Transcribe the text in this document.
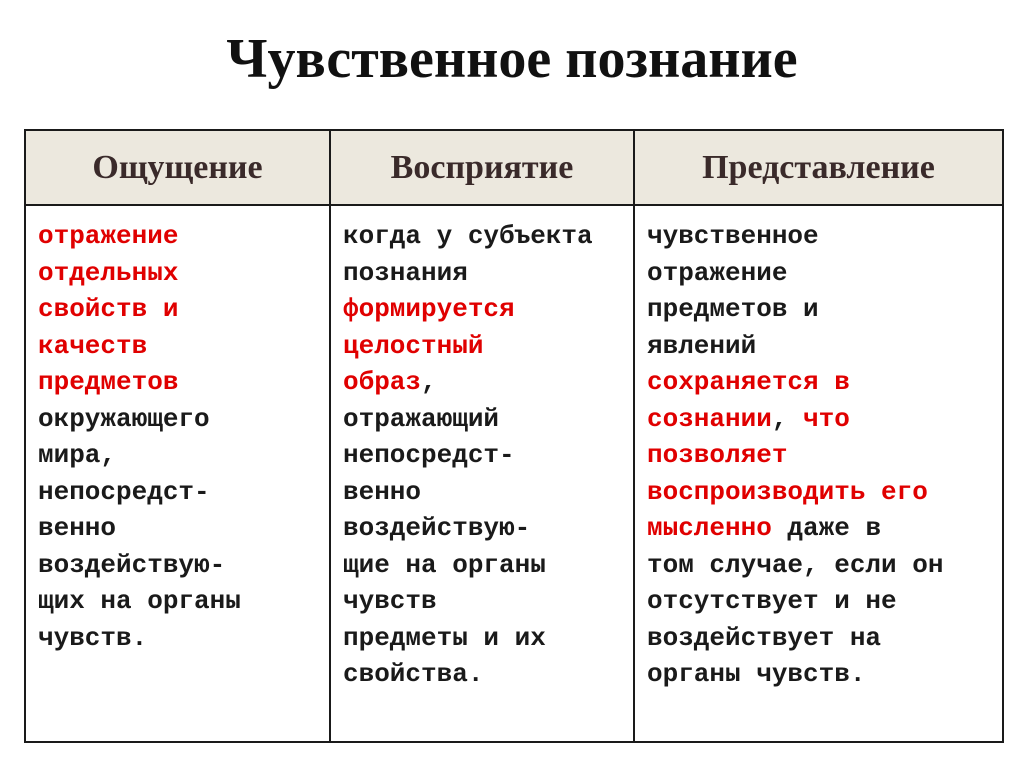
Чувственное познание
Ощущение	Восприятие	Представление
отражение
отдельных
свойств и
качеств
предметов
окружающего
мира,
непосредст-
венно
воздействую-
щих на органы
чувств.
когда у субъекта
познания
формируется
целостный
образ,
отражающий
непосредст-
венно
воздействую-
щие на органы
чувств
предметы и их
свойства.
чувственное
отражение
предметов и
явлений
сохраняется в
сознании, что
позволяет
воспроизводить его
мысленно даже в
том случае, если он
отсутствует и не
воздействует на
органы чувств.
